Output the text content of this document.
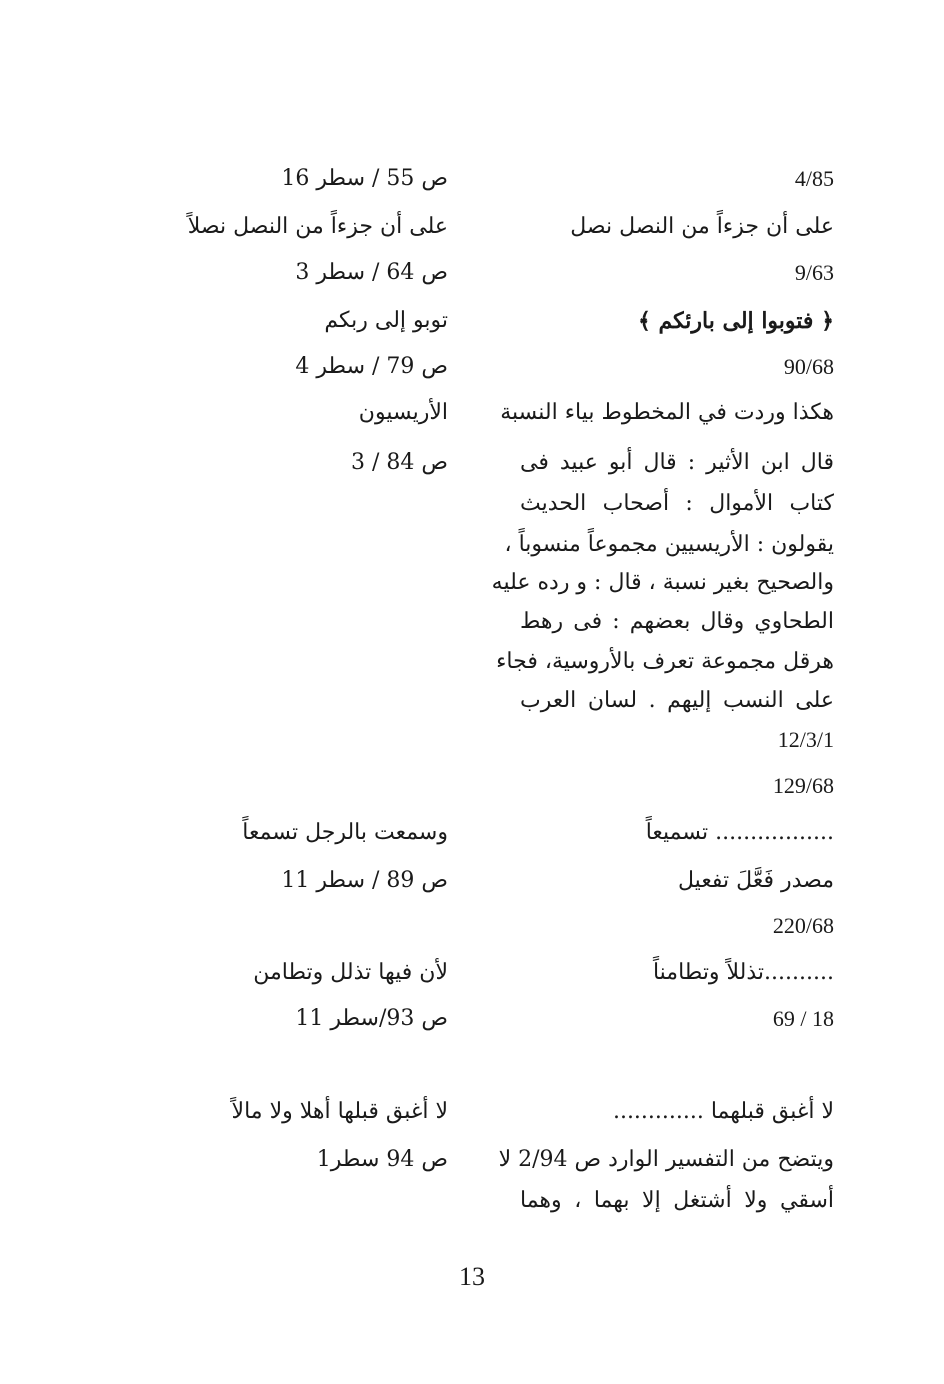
4/85
على أن جزءاً من النصل نصل
9/63
﴿ فتوبوا إلى بارئكم ﴾
90/68
هكذا وردت في المخطوط بياء النسبة
قال ابن الأثير : قال أبو عبيد فى
كتاب الأموال : أصحاب الحديث
يقولون : الأريسيين مجموعاً منسوباً ،
والصحيح بغير نسبة ، قال : و رده عليه
الطحاوي وقال بعضهم : فى رهط
هرقل مجموعة تعرف بالأروسية، فجاء
على النسب إليهم . لسان العرب
12/3/1
129/68
................. تسميعاً
مصدر فَعَّلَ تفعيل
220/68
..........تذللاً وتطامناً
18 / 69
لا أغبق قبلهما .............
ويتضح من التفسير الوارد ص 2/94 لا
أسقي ولا أشتغل إلا بهما ، وهما
ص 55 / سطر 16
على أن جزءاً من النصل نصلاً
ص 64 / سطر 3
توبو إلى ربكم
ص 79 / سطر 4
الأريسيون
ص 84 / 3
وسمعت بالرجل تسمعاً
ص 89 / سطر 11
لأن فيها تذلل وتطامن
ص 93/سطر 11
لا أغبق قبلها أهلا ولا مالاً
ص 94 سطر1
13
